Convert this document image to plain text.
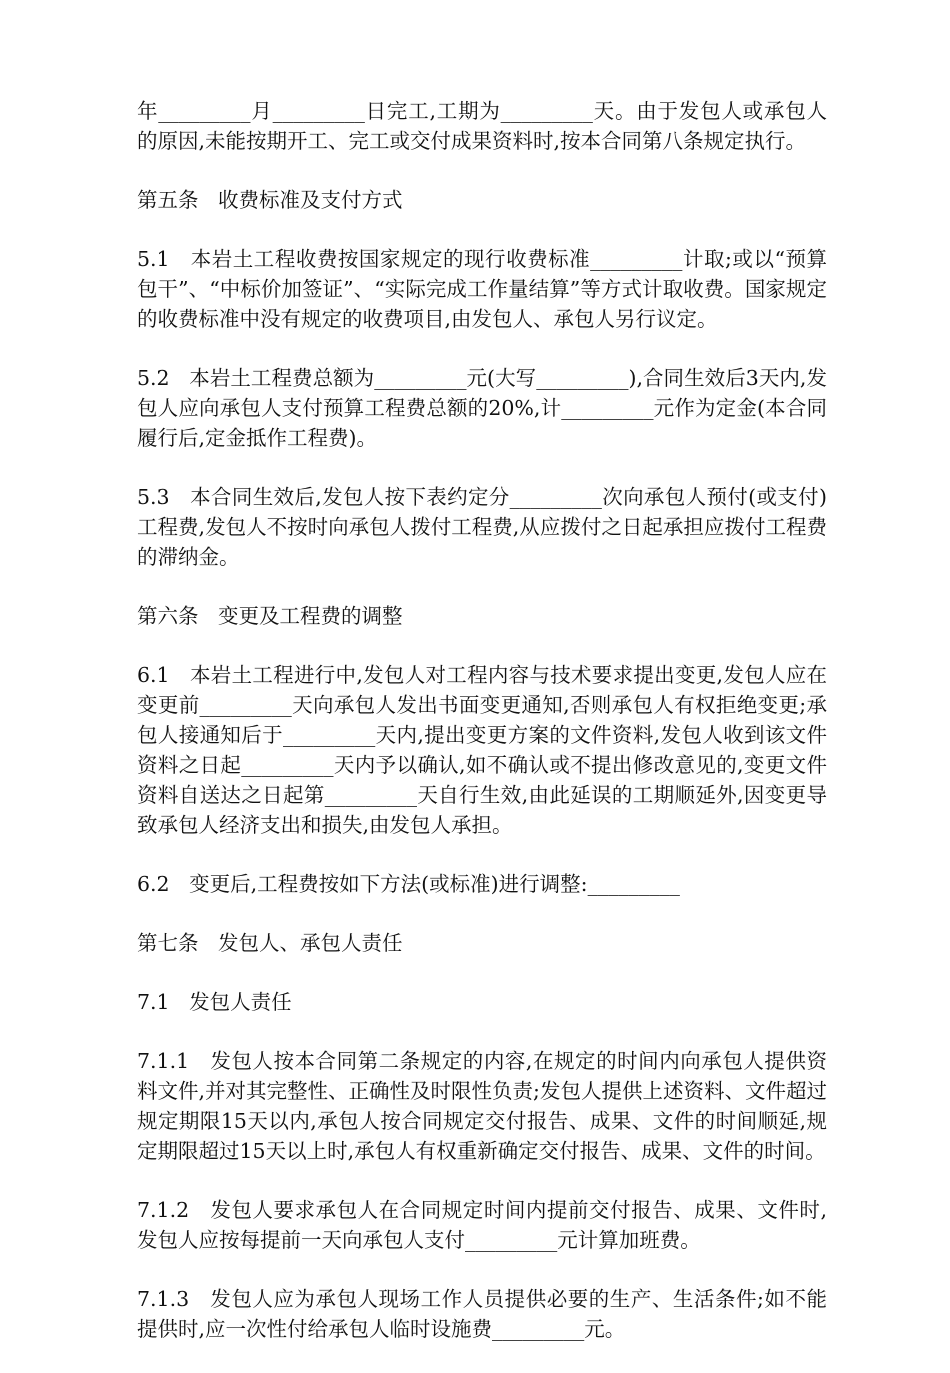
年_________月_________日完工,工期为_________天。由于发包人或承包人的原因,未能按期开工、完工或交付成果资料时,按本合同第八条规定执行。

第五条   收费标准及支付方式

5.1   本岩土工程收费按国家规定的现行收费标准_________计取;或以“预算包干”、“中标价加签证”、“实际完成工作量结算”等方式计取收费。国家规定的收费标准中没有规定的收费项目,由发包人、承包人另行议定。

5.2   本岩土工程费总额为_________元(大写_________),合同生效后3天内,发包人应向承包人支付预算工程费总额的20%,计_________元作为定金(本合同履行后,定金抵作工程费)。

5.3   本合同生效后,发包人按下表约定分_________次向承包人预付(或支付)工程费,发包人不按时向承包人拨付工程费,从应拨付之日起承担应拨付工程费的滞纳金。

第六条   变更及工程费的调整

6.1   本岩土工程进行中,发包人对工程内容与技术要求提出变更,发包人应在变更前_________天向承包人发出书面变更通知,否则承包人有权拒绝变更;承包人接通知后于_________天内,提出变更方案的文件资料,发包人收到该文件资料之日起_________天内予以确认,如不确认或不提出修改意见的,变更文件资料自送达之日起第_________天自行生效,由此延误的工期顺延外,因变更导致承包人经济支出和损失,由发包人承担。

6.2   变更后,工程费按如下方法(或标准)进行调整:_________

第七条   发包人、承包人责任

7.1   发包人责任

7.1.1   发包人按本合同第二条规定的内容,在规定的时间内向承包人提供资料文件,并对其完整性、正确性及时限性负责;发包人提供上述资料、文件超过规定期限15天以内,承包人按合同规定交付报告、成果、文件的时间顺延,规定期限超过15天以上时,承包人有权重新确定交付报告、成果、文件的时间。

7.1.2   发包人要求承包人在合同规定时间内提前交付报告、成果、文件时,发包人应按每提前一天向承包人支付_________元计算加班费。

7.1.3   发包人应为承包人现场工作人员提供必要的生产、生活条件;如不能提供时,应一次性付给承包人临时设施费_________元。
